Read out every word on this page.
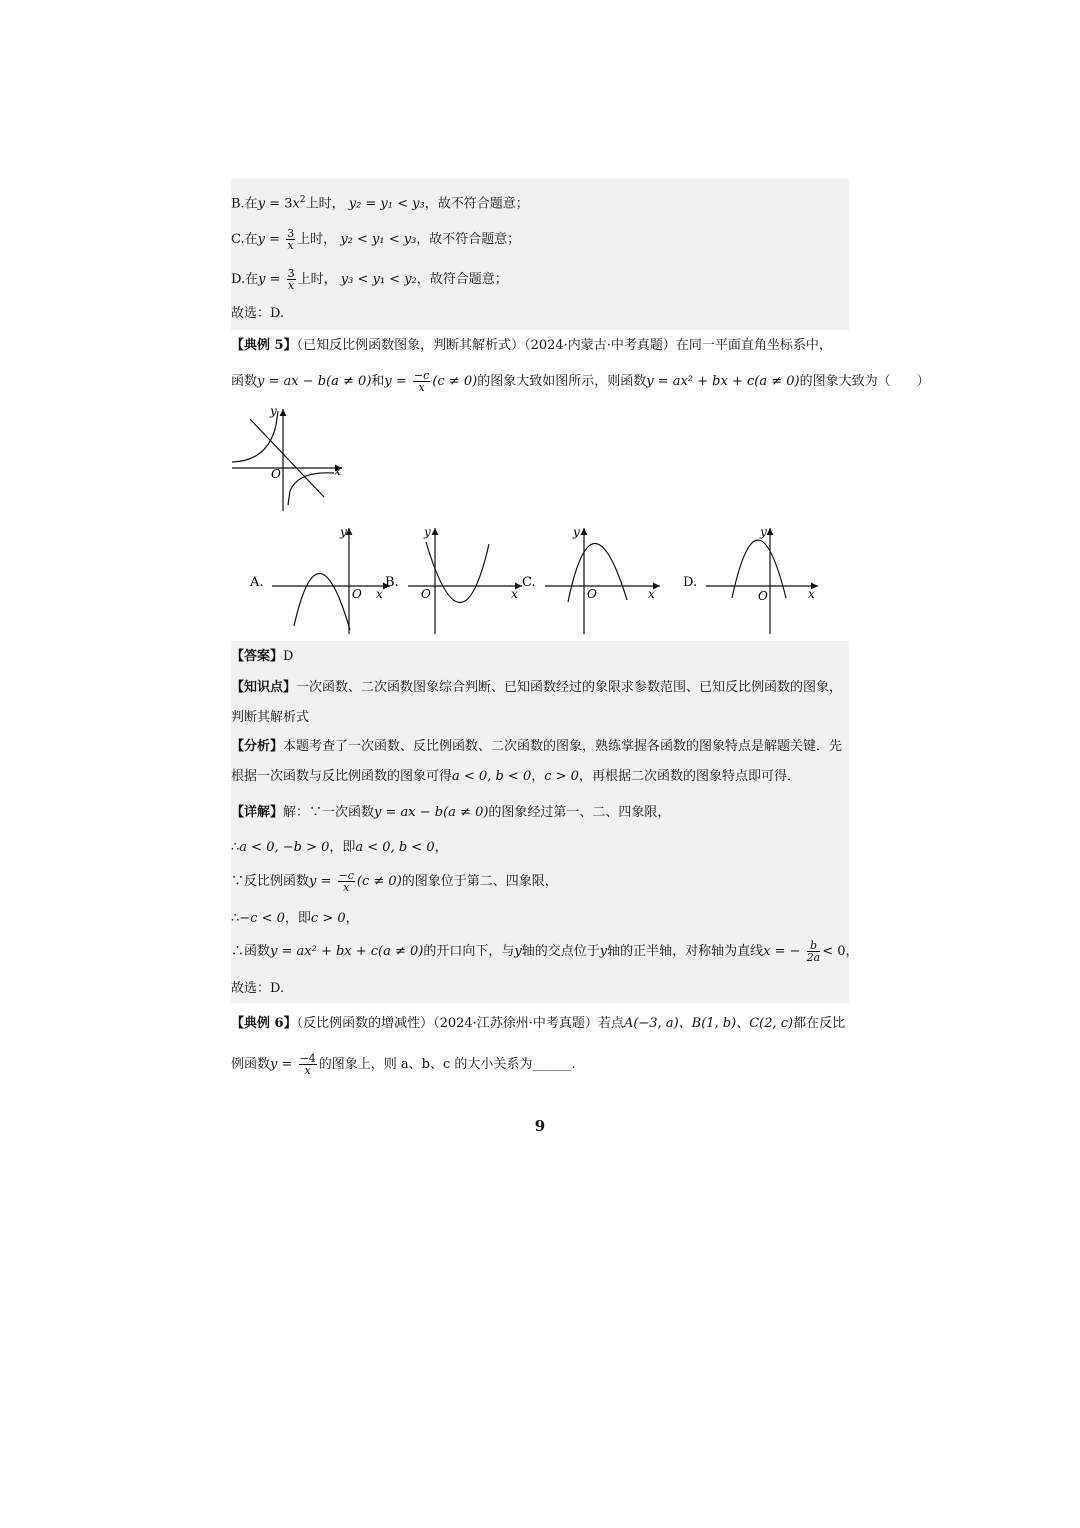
B.在$y = 3x^2$上时， y₂ = y₁ < y₃，故不符合题意；
C.在$y = \frac{3}{x}$ 上时， y₂ < y₁ < y₃，故不符合题意；
D.在$y = \frac{3}{x}$ 上时， y₃ < y₁ < y₂，故符合题意；
故选：D.
【典例 5】（已知反比例函数图象，判断其解析式）（2024·内蒙古·中考真题）在同一平面直角坐标系中，
函数y = ax − b(a ≠ 0)和$y = \frac{-c}{x} (c \ne 0)$的图象大致如图所示，则函数y = ax² + bx + c(a ≠ 0)的图象大致为（　　）
y
x
O
A.
y
x
O
B.
y
x
O
C.
y
x
O
D.
y
x
O
【答案】D
【知识点】一次函数、二次函数图象综合判断、已知函数经过的象限求参数范围、已知反比例函数的图象，
判断其解析式
【分析】本题考查了一次函数、反比例函数、二次函数的图象，熟练掌握各函数的图象特点是解题关键．先
根据一次函数与反比例函数的图象可得a < 0, b < 0，c > 0，再根据二次函数的图象特点即可得．
【详解】解：∵一次函数y = ax − b(a ≠ 0)的图象经过第一、二、四象限，
∴a < 0, −b > 0，即a < 0, b < 0，
∵反比例函数$y = \frac{-c}{x} (c \ne 0)$的图象位于第二、四象限，
∴−c < 0，即c > 0，
∴函数y = ax² + bx + c(a ≠ 0)的开口向下，与y轴的交点位于y轴的正半轴，对称轴为直线x = − $\frac{b}{2a} < 0$，
故选：D.
【典例 6】（反比例函数的增减性）（2024·江苏徐州·中考真题）若点A(−3, a)、B(1, b)、C(2, c)都在反比
例函数$y = \frac{-4}{x}$ 的图象上，则 a、b、c 的大小关系为______.
9
